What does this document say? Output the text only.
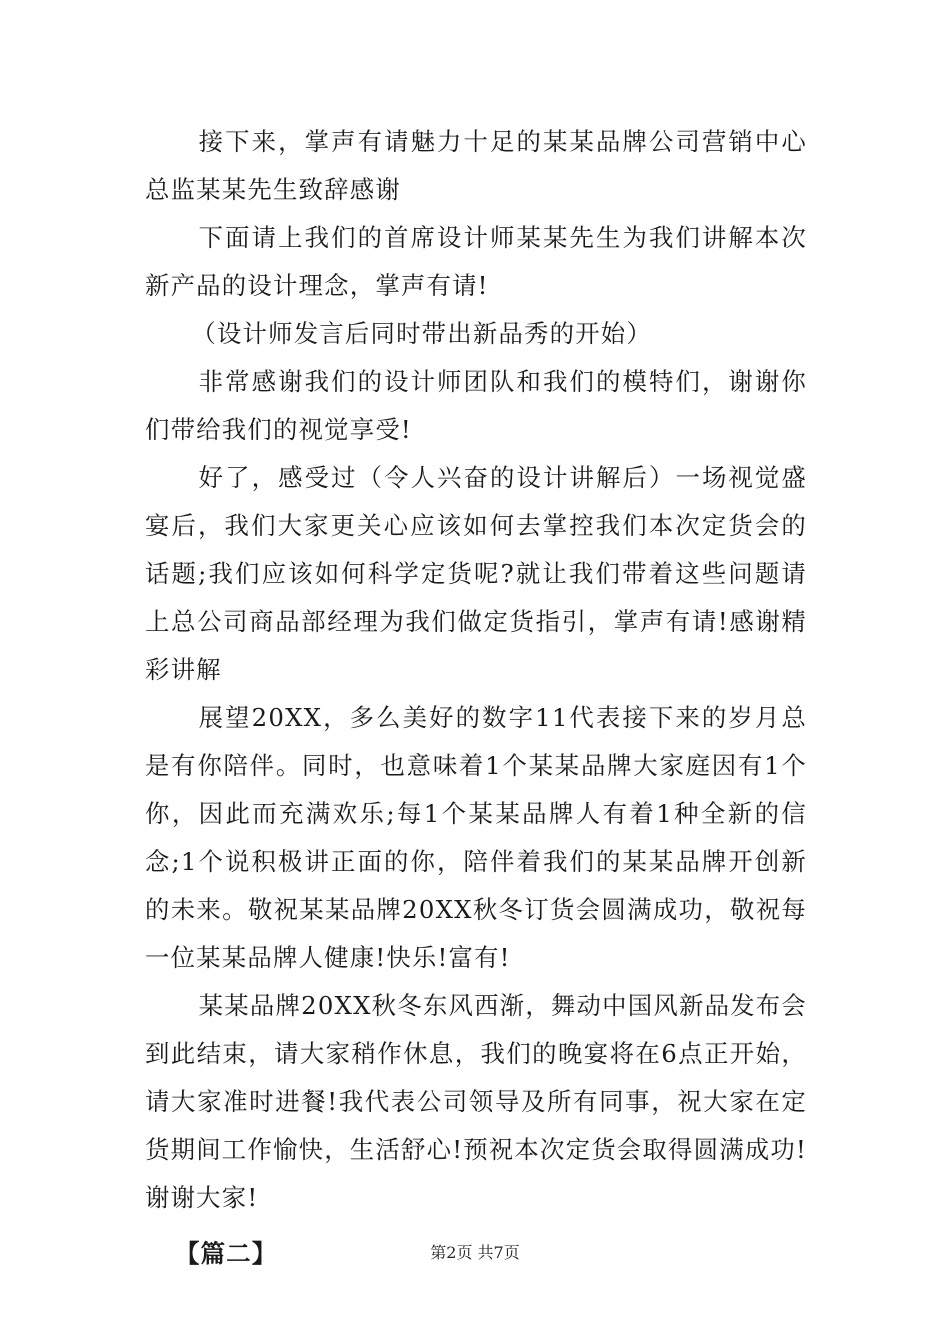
接下来，掌声有请魅力十足的某某品牌公司营销中心总监某某先生致辞感谢

下面请上我们的首席设计师某某先生为我们讲解本次新产品的设计理念，掌声有请!

（设计师发言后同时带出新品秀的开始）

非常感谢我们的设计师团队和我们的模特们，谢谢你们带给我们的视觉享受!

好了，感受过（令人兴奋的设计讲解后）一场视觉盛宴后，我们大家更关心应该如何去掌控我们本次定货会的话题;我们应该如何科学定货呢?就让我们带着这些问题请上总公司商品部经理为我们做定货指引，掌声有请!感谢精彩讲解

展望20XX，多么美好的数字11代表接下来的岁月总是有你陪伴。同时，也意味着1个某某品牌大家庭因有1个你，因此而充满欢乐;每1个某某品牌人有着1种全新的信念;1个说积极讲正面的你，陪伴着我们的某某品牌开创新的未来。敬祝某某品牌20XX秋冬订货会圆满成功，敬祝每一位某某品牌人健康!快乐!富有!

某某品牌20XX秋冬东风西渐，舞动中国风新品发布会到此结束，请大家稍作休息，我们的晚宴将在6点正开始，请大家准时进餐!我代表公司领导及所有同事，祝大家在定货期间工作愉快，生活舒心!预祝本次定货会取得圆满成功!谢谢大家!

【篇二】	第2页 共7页
